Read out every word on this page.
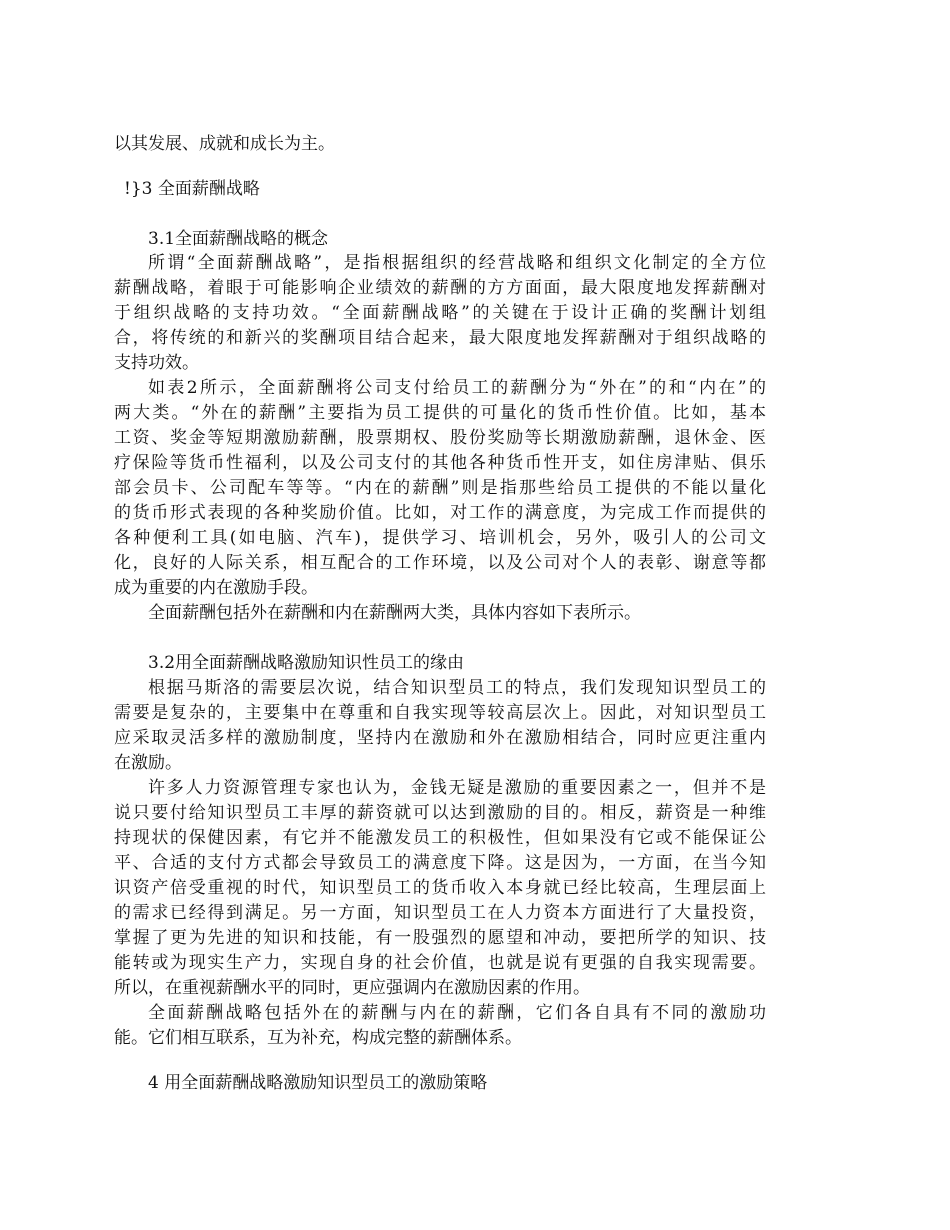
以其发展、成就和成长为主。
!}3 全面薪酬战略
3.1全面薪酬战略的概念
所谓“全面薪酬战略”，是指根据组织的经营战略和组织文化制定的全方位
薪酬战略，着眼于可能影响企业绩效的薪酬的方方面面，最大限度地发挥薪酬对
于组织战略的支持功效。“全面薪酬战略”的关键在于设计正确的奖酬计划组
合，将传统的和新兴的奖酬项目结合起来，最大限度地发挥薪酬对于组织战略的
支持功效。
如表2所示，全面薪酬将公司支付给员工的薪酬分为“外在”的和“内在”的
两大类。“外在的薪酬”主要指为员工提供的可量化的货币性价值。比如，基本
工资、奖金等短期激励薪酬，股票期权、股份奖励等长期激励薪酬，退休金、医
疗保险等货币性福利，以及公司支付的其他各种货币性开支，如住房津贴、俱乐
部会员卡、公司配车等等。“内在的薪酬”则是指那些给员工提供的不能以量化
的货币形式表现的各种奖励价值。比如，对工作的满意度，为完成工作而提供的
各种便利工具(如电脑、汽车)，提供学习、培训机会，另外，吸引人的公司文
化，良好的人际关系，相互配合的工作环境，以及公司对个人的表彰、谢意等都
成为重要的内在激励手段。
全面薪酬包括外在薪酬和内在薪酬两大类，具体内容如下表所示。
3.2用全面薪酬战略激励知识性员工的缘由
根据马斯洛的需要层次说，结合知识型员工的特点，我们发现知识型员工的
需要是复杂的，主要集中在尊重和自我实现等较高层次上。因此，对知识型员工
应采取灵活多样的激励制度，坚持内在激励和外在激励相结合，同时应更注重内
在激励。
许多人力资源管理专家也认为，金钱无疑是激励的重要因素之一，但并不是
说只要付给知识型员工丰厚的薪资就可以达到激励的目的。相反，薪资是一种维
持现状的保健因素，有它并不能激发员工的积极性，但如果没有它或不能保证公
平、合适的支付方式都会导致员工的满意度下降。这是因为，一方面，在当今知
识资产倍受重视的时代，知识型员工的货币收入本身就已经比较高，生理层面上
的需求已经得到满足。另一方面，知识型员工在人力资本方面进行了大量投资，
掌握了更为先进的知识和技能，有一股强烈的愿望和冲动，要把所学的知识、技
能转或为现实生产力，实现自身的社会价值，也就是说有更强的自我实现需要。
所以，在重视薪酬水平的同时，更应强调内在激励因素的作用。
全面薪酬战略包括外在的薪酬与内在的薪酬，它们各自具有不同的激励功
能。它们相互联系，互为补充，构成完整的薪酬体系。
4 用全面薪酬战略激励知识型员工的激励策略
